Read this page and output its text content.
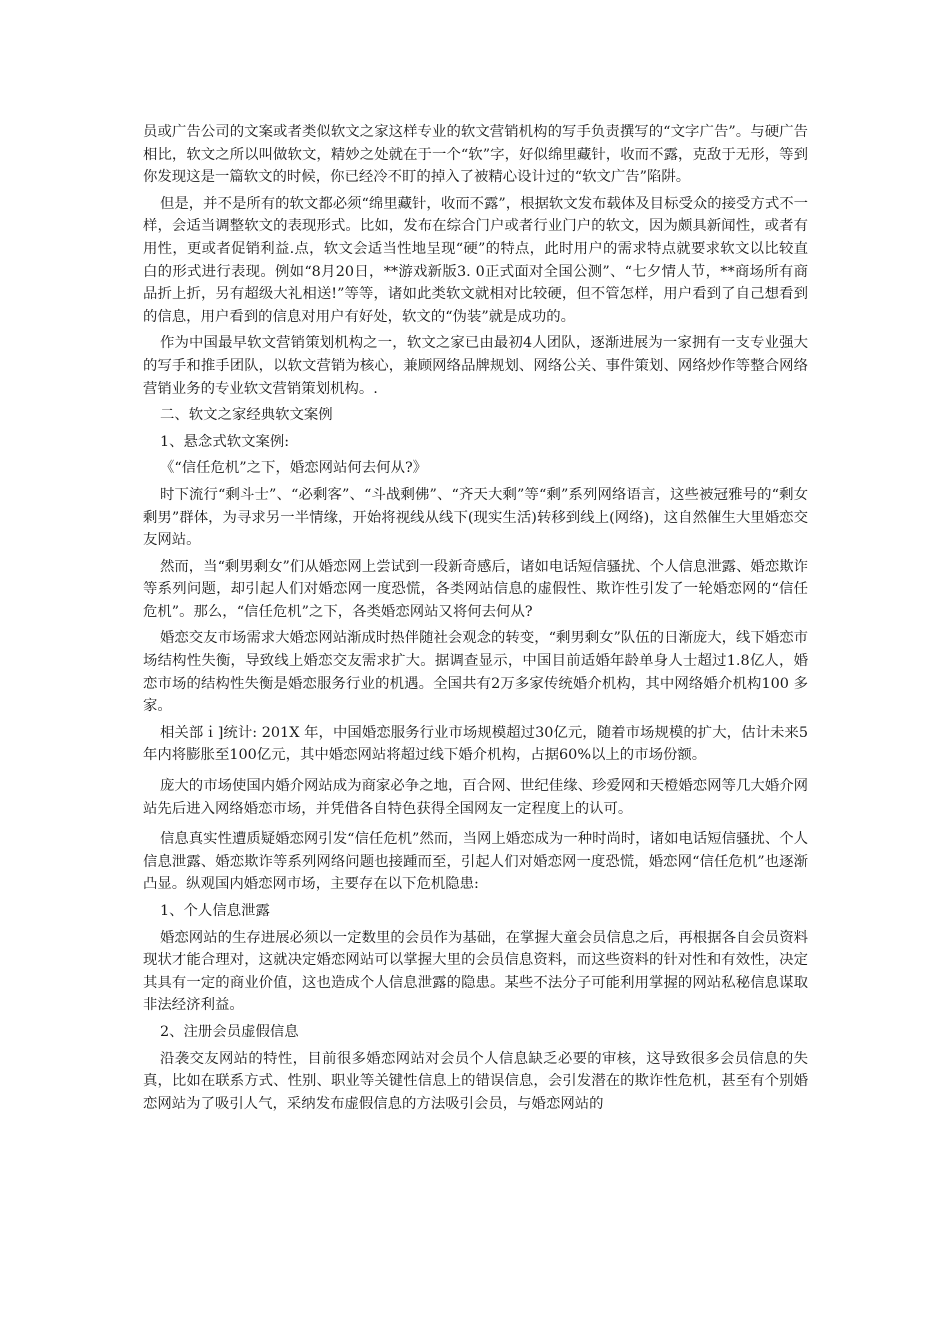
员或广告公司的文案或者类似软文之家这样专业的软文营销机构的写手负责撰写的“文字广告”。与硬广告相比，软文之所以叫做软文，精妙之处就在于一个“软”字，好似绵里藏针，收而不露，克敌于无形，等到你发现这是一篇软文的时候，你已经冷不盯的掉入了被精心设计过的“软文广告”陷阱。

但是，并不是所有的软文都必须“绵里藏针，收而不露”，根据软文发布载体及目标受众的接受方式不一样，会适当调整软文的表现形式。比如，发布在综合门户或者行业门户的软文，因为颇具新闻性，或者有用性，更或者促销利益.点，软文会适当性地呈现“硬”的特点，此时用户的需求特点就要求软文以比较直白的形式进行表现。例如“8月20日，**游戏新版3. 0正式面对全国公测”、“七夕情人节，**商场所有商品折上折，另有超级大礼相送!”等等，诸如此类软文就相对比较硬，但不管怎样，用户看到了自己想看到的信息，用户看到的信息对用户有好处，软文的“伪装”就是成功的。

作为中国最早软文营销策划机构之一，软文之家已由最初4人团队，逐渐进展为一家拥有一支专业强大的写手和推手团队，以软文营销为核心，兼顾网络品牌规划、网络公关、事件策划、网络炒作等整合网络营销业务的专业软文营销策划机构。.

二、软文之家经典软文案例

1、悬念式软文案例:

《“信任危机”之下，婚恋网站何去何从?》

时下流行“剩斗士”、“必剩客”、“斗战剩佛”、“齐天大剩”等“剩”系列网络语言，这些被冠雅号的“剩女剩男”群体，为寻求另一半情缘，开始将视线从线下(现实生活)转移到线上(网络)，这自然催生大里婚恋交友网站。

然而，当“剩男剩女”们从婚恋网上尝试到一段新奇感后，诸如电话短信骚扰、个人信息泄露、婚恋欺诈等系列问题，却引起人们对婚恋网一度恐慌，各类网站信息的虚假性、欺诈性引发了一轮婚恋网的“信任危机”。那么，“信任危机”之下，各类婚恋网站又将何去何从?

婚恋交友市场需求大婚恋网站渐成时热伴随社会观念的转变，“剩男剩女”队伍的日渐庞大，线下婚恋市场结构性失衡，导致线上婚恋交友需求扩大。据调查显示，中国目前适婚年龄单身人士超过1.8亿人，婚恋市场的结构性失衡是婚恋服务行业的机遇。全国共有2万多家传统婚介机构，其中网络婚介机构100 多家。

相关部ｉ]统计: 201X 年，中国婚恋服务行业市场规模超过30亿元，随着市场规模的扩大，估计未来5年内将膨胀至100亿元，其中婚恋网站将超过线下婚介机构，占据60%以上的市场份额。

庞大的市场使国内婚介网站成为商家必争之地，百合网、世纪佳缘、珍爱网和天橙婚恋网等几大婚介网站先后进入网络婚恋市场，并凭借各自特色获得全国网友一定程度上的认可。

信息真实性遭质疑婚恋网引发“信任危机”然而，当网上婚恋成为一种时尚时，诸如电话短信骚扰、个人信息泄露、婚恋欺诈等系列网络问题也接踵而至，引起人们对婚恋网一度恐慌，婚恋网“信任危机”也逐渐凸显。纵观国内婚恋网市场，主要存在以下危机隐患:

1、个人信息泄露

婚恋网站的生存进展必须以一定数里的会员作为基础，在掌握大童会员信息之后，再根据各自会员资料现状才能合理对，这就决定婚恋网站可以掌握大里的会员信息资料，而这些资料的针对性和有效性，决定其具有一定的商业价值，这也造成个人信息泄露的隐患。某些不法分子可能利用掌握的网站私秘信息谋取非法经济利益。

2、注册会员虚假信息

沿袭交友网站的特性，目前很多婚恋网站对会员个人信息缺乏必要的审核，这导致很多会员信息的失真，比如在联系方式、性别、职业等关键性信息上的错误信息，会引发潜在的欺诈性危机，甚至有个别婚恋网站为了吸引人气，采纳发布虚假信息的方法吸引会员，与婚恋网站的
